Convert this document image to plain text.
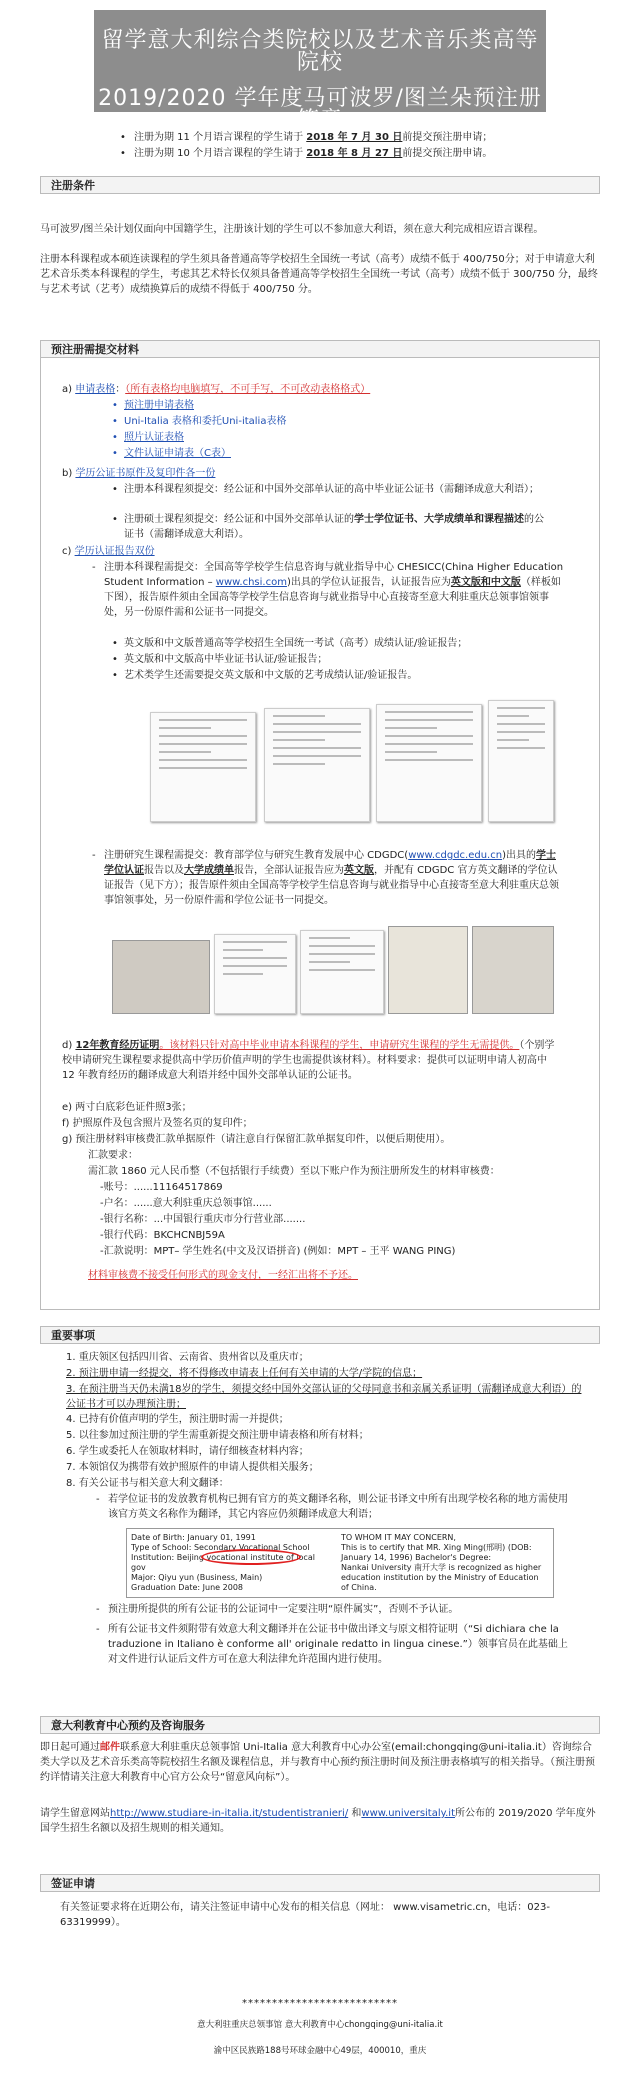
留学意大利综合类院校以及艺术音乐类高等院校
2019/2020 学年度马可波罗/图兰朵预注册简章
• 注册为期 11 个月语言课程的学生请于 2018 年 7 月 30 日前提交预注册申请；
• 注册为期 10 个月语言课程的学生请于 2018 年 8 月 27 日前提交预注册申请。
注册条件
马可波罗/图兰朵计划仅面向中国籍学生，注册该计划的学生可以不参加意大利语，须在意大利完成相应语言课程。
注册本科课程或本硕连读课程的学生须具备普通高等学校招生全国统一考试（高考）成绩不低于 400/750分；对于申请意大利艺术音乐类本科课程的学生，考虑其艺术特长仅须具备普通高等学校招生全国统一考试（高考）成绩不低于 300/750 分，最终与艺术考试（艺考）成绩换算后的成绩不得低于 400/750 分。
预注册需提交材料
a) 申请表格：（所有表格均电脑填写，不可手写，不可改动表格格式）
• 预注册申请表格
• Uni-Italia 表格和委托Uni-italia表格
• 照片认证表格
• 文件认证申请表（C表）
b) 学历公证书原件及复印件各一份
• 注册本科课程须提交：经公证和中国外交部单认证的高中毕业证公证书（需翻译成意大利语）；
• 注册硕士课程须提交：经公证和中国外交部单认证的学士学位证书、大学成绩单和课程描述的公证书（需翻译成意大利语）。
c) 学历认证报告双份
- 注册本科课程需提交：全国高等学校学生信息咨询与就业指导中心 CHESICC(China Higher Education Student Information – www.chsi.com)出具的学位认证报告，认证报告应为英文版和中文版（样板如下图），报告原件须由全国高等学校学生信息咨询与就业指导中心直接寄至意大利驻重庆总领事馆领事处，另一份原件需和公证书一同提交。
• 英文版和中文版普通高等学校招生全国统一考试（高考）成绩认证/验证报告；
• 英文版和中文版高中毕业证书认证/验证报告；
• 艺术类学生还需要提交英文版和中文版的艺考成绩认证/验证报告。
- 注册研究生课程需提交：教育部学位与研究生教育发展中心 CDGDC(www.cdgdc.edu.cn)出具的学士学位认证报告以及大学成绩单报告，全部认证报告应为英文版，并配有 CDGDC 官方英文翻译的学位认证报告（见下方）；报告原件须由全国高等学校学生信息咨询与就业指导中心直接寄至意大利驻重庆总领事馆领事处，另一份原件需和学位公证书一同提交。
d) 12年教育经历证明。该材料只针对高中毕业申请本科课程的学生，申请研究生课程的学生无需提供。（个别学校申请研究生课程要求提供高中学历价值声明的学生也需提供该材料）。材料要求：提供可以证明申请人初高中 12 年教育经历的翻译成意大利语并经中国外交部单认证的公证书。
e) 两寸白底彩色证件照3张；
f) 护照原件及包含照片及签名页的复印件；
g) 预注册材料审核费汇款单据原件（请注意自行保留汇款单据复印件，以便后期使用）。
汇款要求：
需汇款 1860 元人民币整（不包括银行手续费）至以下账户作为预注册所发生的材料审核费：
-账号：......11164517869
-户名：......意大利驻重庆总领事馆......
-银行名称：...中国银行重庆市分行营业部.......
-银行代码：BKCHCNBJ59A
-汇款说明：MPT– 学生姓名(中文及汉语拼音) (例如：MPT – 王平 WANG PING)
材料审核费不接受任何形式的现金支付，一经汇出将不予还。
重要事项
1. 重庆领区包括四川省、云南省、贵州省以及重庆市；
2. 预注册申请一经提交，将不得修改申请表上任何有关申请的大学/学院的信息；
3. 在预注册当天仍未满18岁的学生，须提交经中国外交部认证的父母同意书和亲属关系证明（需翻译成意大利语）的公证书才可以办理预注册；
4. 已持有价值声明的学生，预注册时需一并提供；
5. 以往参加过预注册的学生需重新提交预注册申请表格和所有材料；
6. 学生或委托人在领取材料时，请仔细核查材料内容；
7. 本领馆仅为携带有效护照原件的申请人提供相关服务；
8. 有关公证书与相关意大利文翻译：
- 若学位证书的发放教育机构已拥有官方的英文翻译名称，则公证书译文中所有出现学校名称的地方需使用该官方英文名称作为翻译，其它内容应仍须翻译成意大利语；
Date of Birth: January 01, 1991
Type of School: Secondary Vocational School
Institution: Beijing vocational institute of local gov
Major: Qiyu yun (Business, Main)
Graduation Date: June 2008
TO WHOM IT MAY CONCERN,
This is to certify that MR. Xing Ming(邢明) (DOB: January 14, 1996) Bachelor's Degree:
Nankai University 南开大学 is recognized as higher education institution by the Ministry of Education of China.
- 预注册所提供的所有公证书的公证词中一定要注明“原件属实”，否则不予认证。
- 所有公证书文件须附带有效意大利文翻译并在公证书中做出译文与原文相符证明（“Si dichiara che la traduzione in Italiano è conforme all' originale redatto in lingua cinese.”）领事官员在此基础上对文件进行认证后文件方可在意大利法律允许范围内进行使用。
意大利教育中心预约及咨询服务
即日起可通过邮件联系意大利驻重庆总领事馆 Uni-Italia 意大利教育中心办公室(email:chongqing@uni-italia.it）咨询综合类大学以及艺术音乐类高等院校招生名额及课程信息，并与教育中心预约预注册时间及预注册表格填写的相关指导。（预注册预约详情请关注意大利教育中心官方公众号“留意风向标”）。
请学生留意网站http://www.studiare-in-italia.it/studentistranieri/ 和www.universitaly.it所公布的 2019/2020 学年度外国学生招生名额以及招生规则的相关通知。
签证申请
有关签证要求将在近期公布，请关注签证申请中心发布的相关信息（网址： www.visametric.cn，电话：023-63319999）。
**************************
意大利驻重庆总领事馆 意大利教育中心chongqing@uni-italia.it
渝中区民族路188号环球金融中心49层，400010，重庆
